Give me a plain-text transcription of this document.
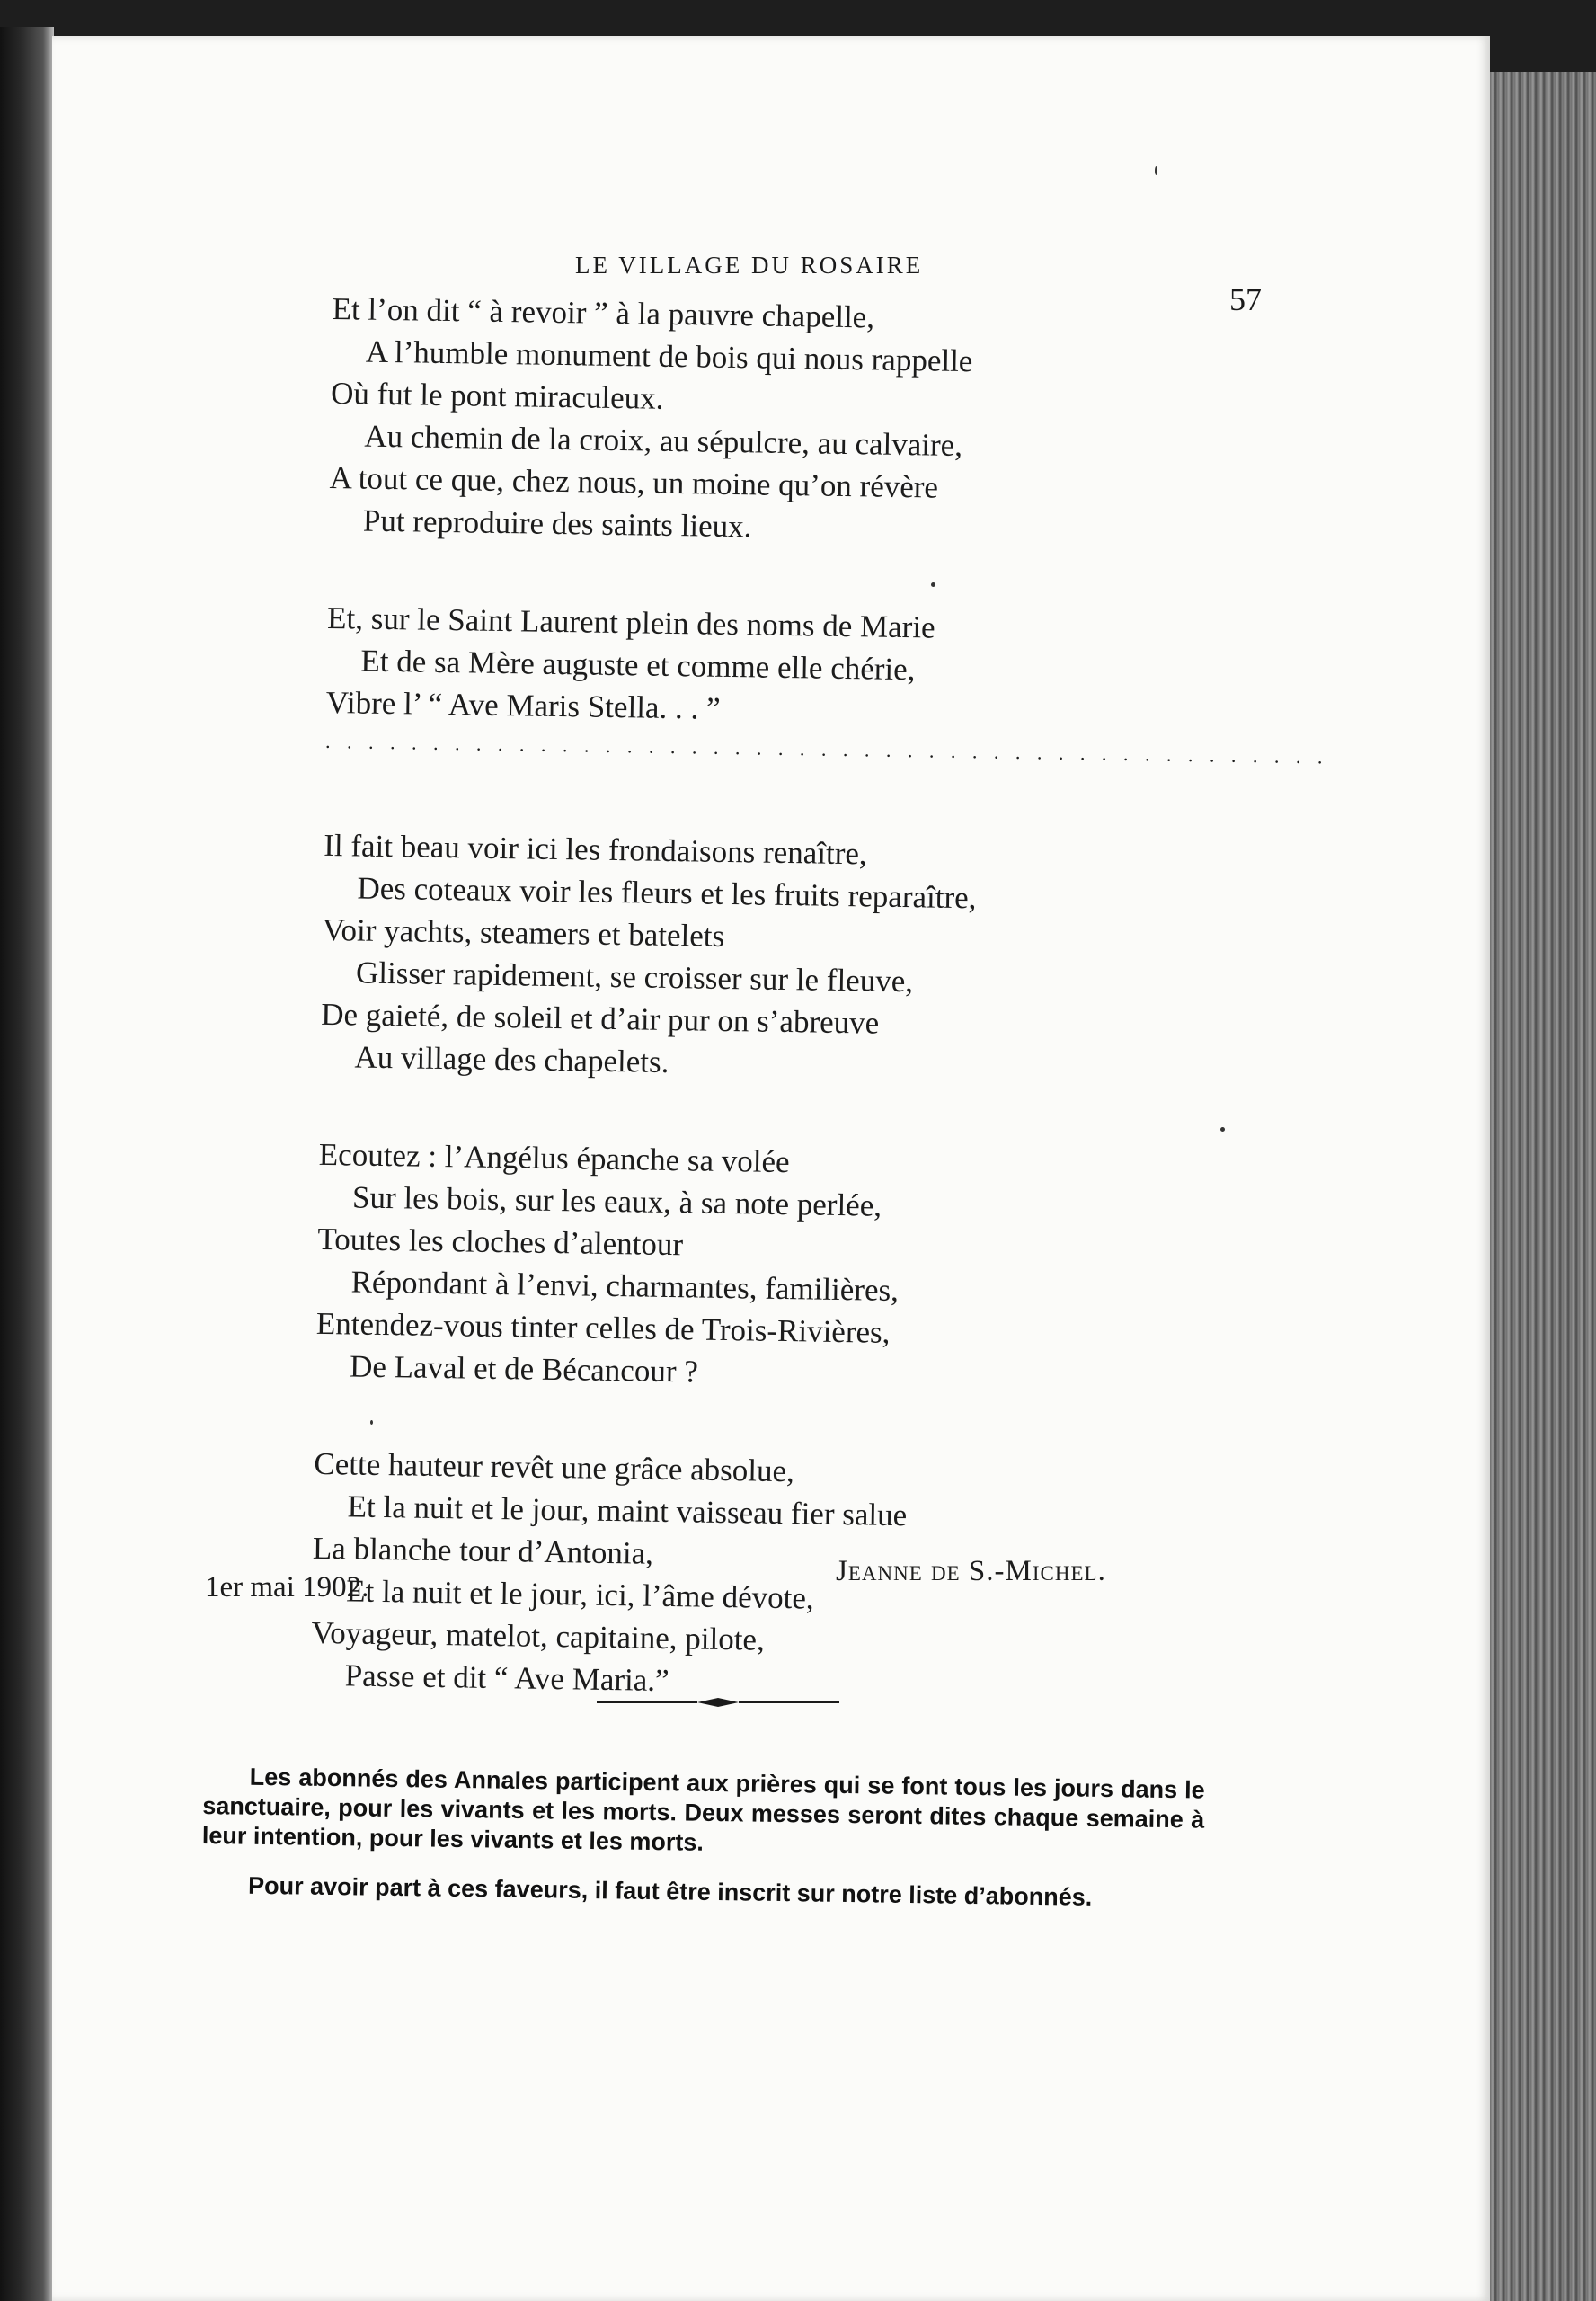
LE VILLAGE DU ROSAIRE
57
Et l’on dit “ à revoir ” à la pauvre chapelle,
A l’humble monument de bois qui nous rappelle
Où fut le pont miraculeux.
Au chemin de la croix, au sépulcre, au calvaire,
A tout ce que, chez nous, un moine qu’on révère
Put reproduire des saints lieux.
Et, sur le Saint Laurent plein des noms de Marie
Et de sa Mère auguste et comme elle chérie,
Vibre l’ “ Ave Maris Stella. . . ”
. . . . . . . . . . . . . . . . . . . . . . . . . . . . . . . . . . . . . . . . . . . . . . .
Il fait beau voir ici les frondaisons renaître,
Des coteaux voir les fleurs et les fruits reparaître,
Voir yachts, steamers et batelets
Glisser rapidement, se croisser sur le fleuve,
De gaieté, de soleil et d’air pur on s’abreuve
Au village des chapelets.
Ecoutez : l’Angélus épanche sa volée
Sur les bois, sur les eaux, à sa note perlée,
Toutes les cloches d’alentour
Répondant à l’envi, charmantes, familières,
Entendez-vous tinter celles de Trois-Rivières,
De Laval et de Bécancour ?
Cette hauteur revêt une grâce absolue,
Et la nuit et le jour, maint vaisseau fier salue
La blanche tour d’Antonia,
Et la nuit et le jour, ici, l’âme dévote,
Voyageur, matelot, capitaine, pilote,
Passe et dit “ Ave Maria.”
Jeanne de S.-Michel.
1er mai 1902.

Les abonnés des Annales participent aux prières qui se font tous les jours dans le sanctuaire, pour les vivants et les morts. Deux messes seront dites chaque semaine à leur intention, pour les vivants et les morts.

Pour avoir part à ces faveurs, il faut être inscrit sur notre liste d’abonnés.
